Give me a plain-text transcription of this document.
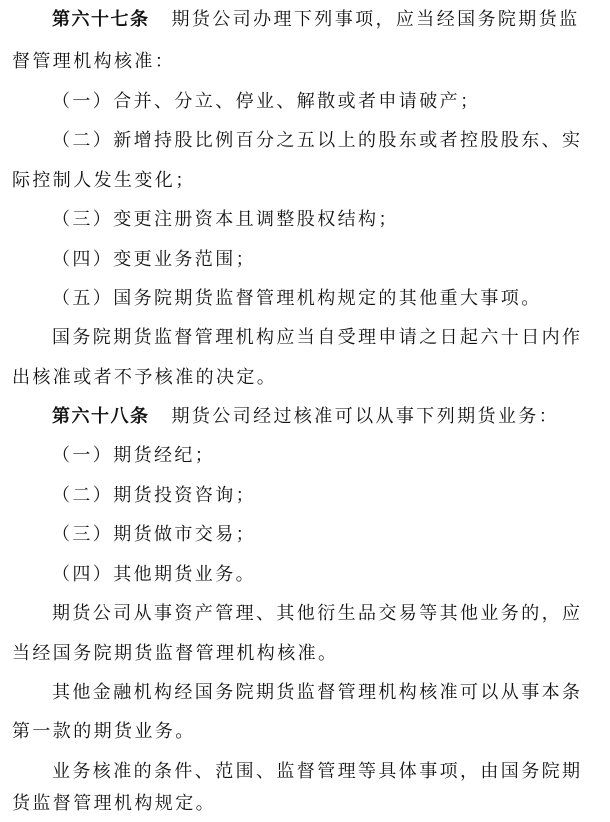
第六十七条 期货公司办理下列事项，应当经国务院期货监
督管理机构核准：
（一）合并、分立、停业、解散或者申请破产；
（二）新增持股比例百分之五以上的股东或者控股股东、实
际控制人发生变化；
（三）变更注册资本且调整股权结构；
（四）变更业务范围；
（五）国务院期货监督管理机构规定的其他重大事项。
国务院期货监督管理机构应当自受理申请之日起六十日内作
出核准或者不予核准的决定。
第六十八条 期货公司经过核准可以从事下列期货业务：
（一）期货经纪；
（二）期货投资咨询；
（三）期货做市交易；
（四）其他期货业务。
期货公司从事资产管理、其他衍生品交易等其他业务的，应
当经国务院期货监督管理机构核准。
其他金融机构经国务院期货监督管理机构核准可以从事本条
第一款的期货业务。
业务核准的条件、范围、监督管理等具体事项，由国务院期
货监督管理机构规定。
